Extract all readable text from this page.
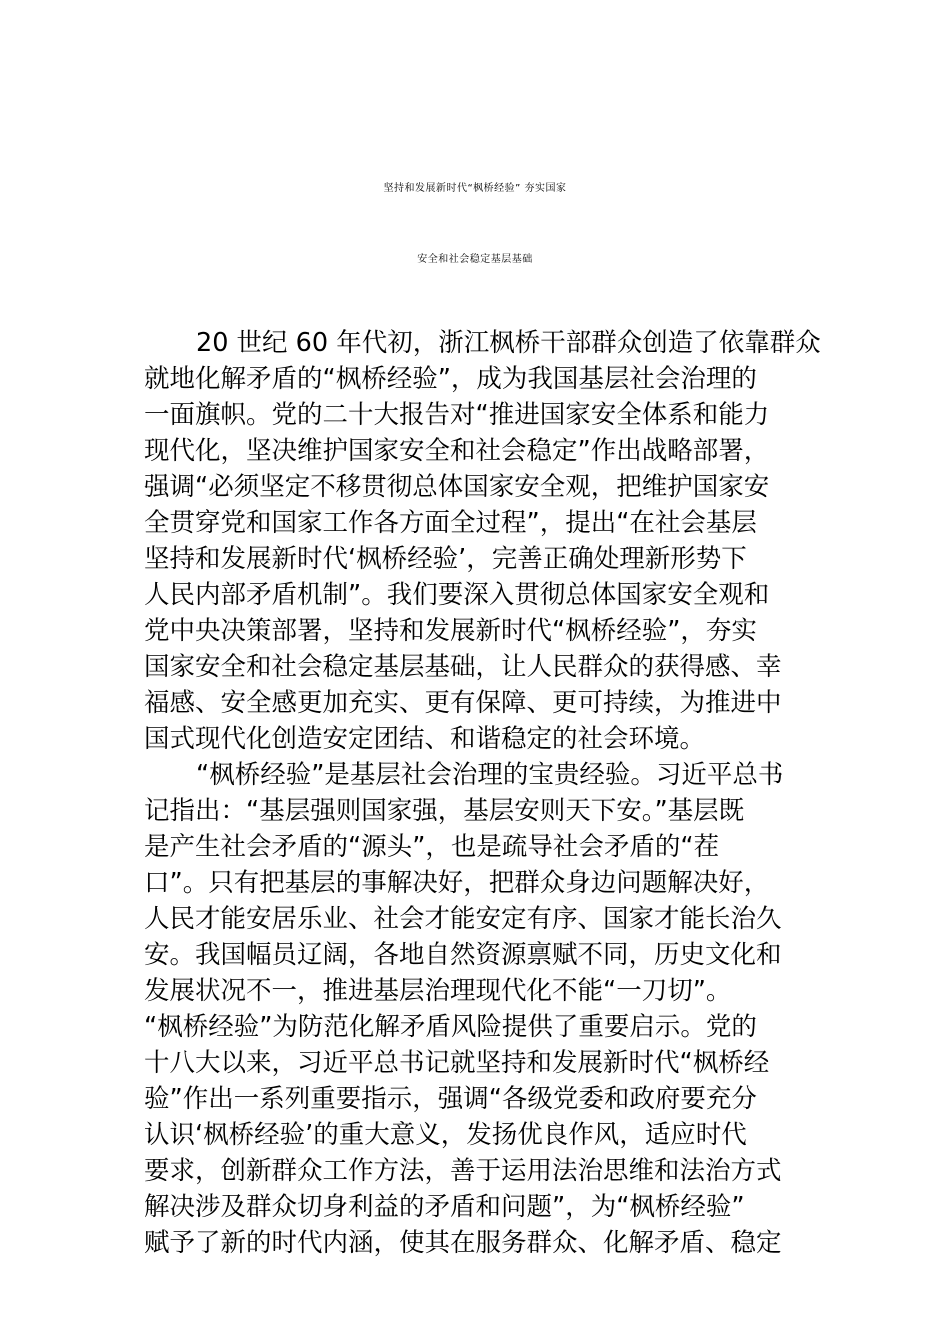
坚持和发展新时代“枫桥经验” 夯实国家
安全和社会稳定基层基础
20 世纪 60 年代初，浙江枫桥干部群众创造了依靠群众
就地化解矛盾的“枫桥经验”，成为我国基层社会治理的
一面旗帜。党的二十大报告对“推进国家安全体系和能力
现代化，坚决维护国家安全和社会稳定”作出战略部署，
强调“必须坚定不移贯彻总体国家安全观，把维护国家安
全贯穿党和国家工作各方面全过程”，提出“在社会基层
坚持和发展新时代‘枫桥经验’，完善正确处理新形势下
人民内部矛盾机制”。我们要深入贯彻总体国家安全观和
党中央决策部署，坚持和发展新时代“枫桥经验”，夯实
国家安全和社会稳定基层基础，让人民群众的获得感、幸
福感、安全感更加充实、更有保障、更可持续，为推进中
国式现代化创造安定团结、和谐稳定的社会环境。
“枫桥经验”是基层社会治理的宝贵经验。习近平总书
记指出：“基层强则国家强，基层安则天下安。”基层既
是产生社会矛盾的“源头”，也是疏导社会矛盾的“茬
口”。只有把基层的事解决好，把群众身边问题解决好，
人民才能安居乐业、社会才能安定有序、国家才能长治久
安。我国幅员辽阔，各地自然资源禀赋不同，历史文化和
发展状况不一，推进基层治理现代化不能“一刀切”。
“枫桥经验”为防范化解矛盾风险提供了重要启示。党的
十八大以来，习近平总书记就坚持和发展新时代“枫桥经
验”作出一系列重要指示，强调“各级党委和政府要充分
认识‘枫桥经验’的重大意义，发扬优良作风，适应时代
要求，创新群众工作方法，善于运用法治思维和法治方式
解决涉及群众切身利益的矛盾和问题”，为“枫桥经验”
赋予了新的时代内涵，使其在服务群众、化解矛盾、稳定
